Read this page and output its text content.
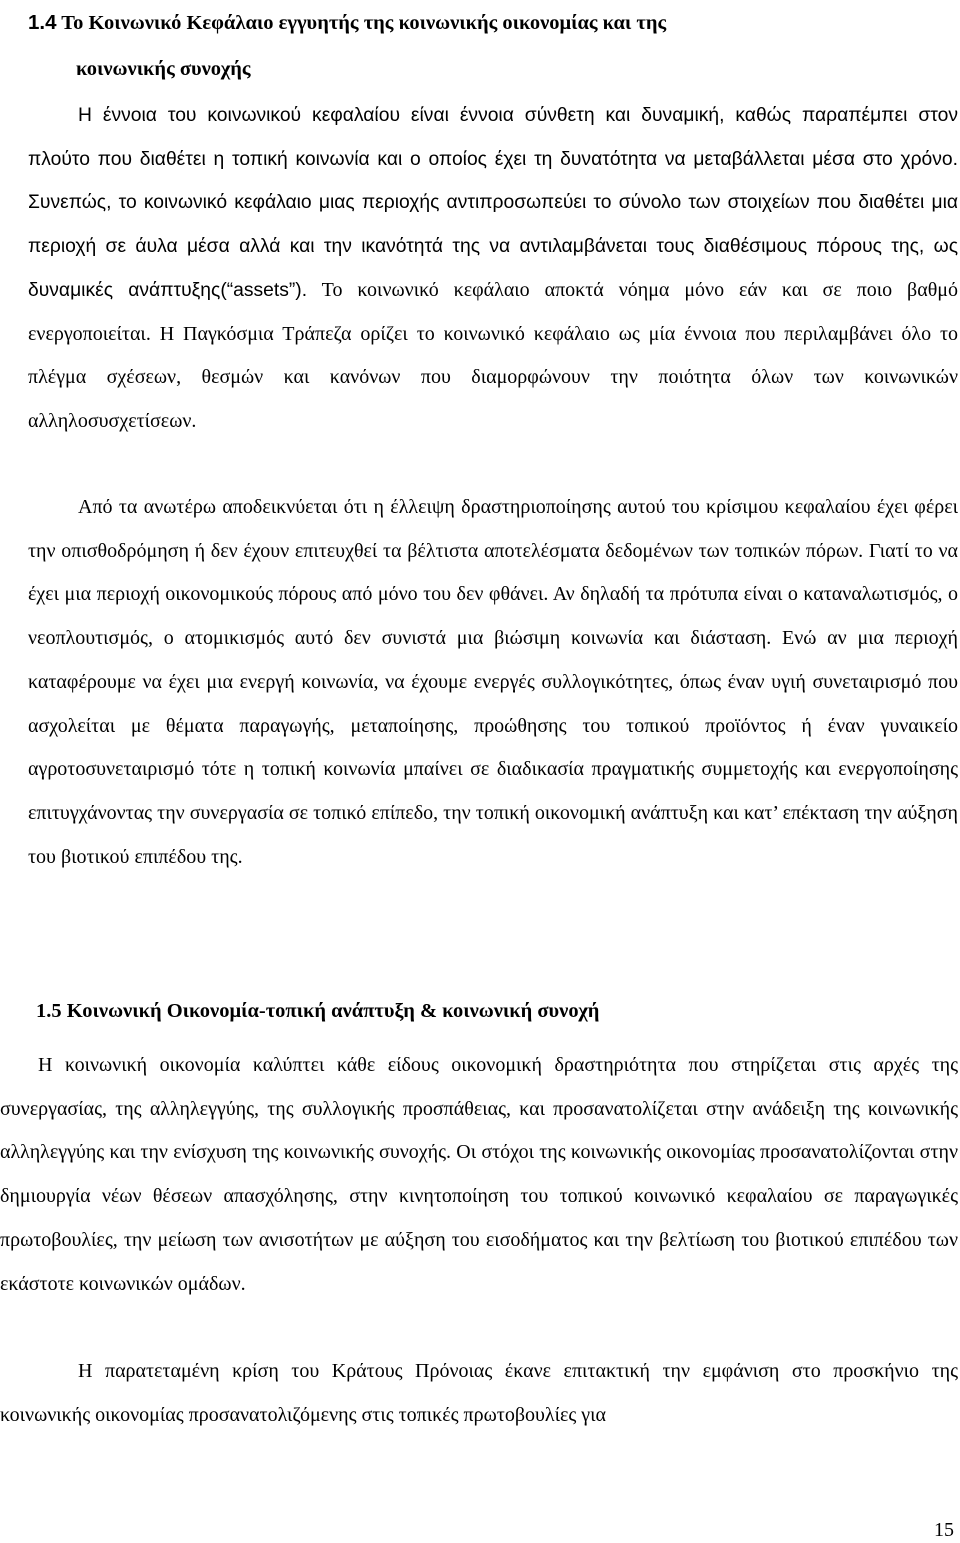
1.4 Το Κοινωνικό Κεφάλαιο εγγυητής της κοινωνικής οικονομίας και της
κοινωνικής συνοχής

Η έννοια του κοινωνικού κεφαλαίου είναι έννοια σύνθετη και δυναμική, καθώς παραπέμπει στον πλούτο που διαθέτει η τοπική κοινωνία και ο οποίος έχει τη δυνατότητα να μεταβάλλεται μέσα στο χρόνο. Συνεπώς, το κοινωνικό κεφάλαιο μιας περιοχής αντιπροσωπεύει το σύνολο των στοιχείων που διαθέτει μια περιοχή σε άυλα μέσα αλλά και την ικανότητά της να αντιλαμβάνεται τους διαθέσιμους πόρους της, ως δυναμικές ανάπτυξης(“assets”). Το κοινωνικό κεφάλαιο αποκτά νόημα μόνο εάν και σε ποιο βαθμό ενεργοποιείται. Η Παγκόσμια Τράπεζα ορίζει το κοινωνικό κεφάλαιο ως μία έννοια που περιλαμβάνει όλο το πλέγμα σχέσεων, θεσμών και κανόνων που διαμορφώνουν την ποιότητα όλων των κοινωνικών αλληλοσυσχετίσεων.

Από τα ανωτέρω αποδεικνύεται ότι η έλλειψη δραστηριοποίησης αυτού του κρίσιμου κεφαλαίου έχει φέρει την οπισθοδρόμηση ή δεν έχουν επιτευχθεί τα βέλτιστα αποτελέσματα δεδομένων των τοπικών πόρων. Γιατί το να έχει μια περιοχή οικονομικούς πόρους από μόνο του δεν φθάνει. Αν δηλαδή τα πρότυπα είναι ο καταναλωτισμός, ο νεοπλουτισμός, ο ατομικισμός αυτό δεν συνιστά μια βιώσιμη κοινωνία και διάσταση. Ενώ αν μια περιοχή καταφέρουμε να έχει μια ενεργή κοινωνία, να έχουμε ενεργές συλλογικότητες, όπως έναν υγιή συνεταιρισμό που ασχολείται με θέματα παραγωγής, μεταποίησης, προώθησης του τοπικού προϊόντος ή έναν γυναικείο αγροτοσυνεταιρισμό τότε η τοπική κοινωνία μπαίνει σε διαδικασία πραγματικής συμμετοχής και ενεργοποίησης επιτυγχάνοντας την συνεργασία σε τοπικό επίπεδο, την τοπική οικονομική ανάπτυξη και κατ’ επέκταση την αύξηση του βιοτικού επιπέδου της.

1.5 Κοινωνική Οικονομία-τοπική ανάπτυξη & κοινωνική συνοχή

Η κοινωνική οικονομία καλύπτει κάθε είδους οικονομική δραστηριότητα που στηρίζεται στις αρχές της συνεργασίας, της αλληλεγγύης, της συλλογικής προσπάθειας, και προσανατολίζεται στην ανάδειξη της κοινωνικής αλληλεγγύης και την ενίσχυση της κοινωνικής συνοχής. Οι στόχοι της κοινωνικής οικονομίας προσανατολίζονται στην δημιουργία νέων θέσεων απασχόλησης, στην κινητοποίηση του τοπικού κοινωνικό κεφαλαίου σε παραγωγικές πρωτοβουλίες, την μείωση των ανισοτήτων με αύξηση του εισοδήματος και την βελτίωση του βιοτικού επιπέδου των εκάστοτε κοινωνικών ομάδων.

Η παρατεταμένη κρίση του Κράτους Πρόνοιας έκανε επιτακτική την εμφάνιση στο προσκήνιο της κοινωνικής οικονομίας προσανατολιζόμενης στις τοπικές πρωτοβουλίες για

15
